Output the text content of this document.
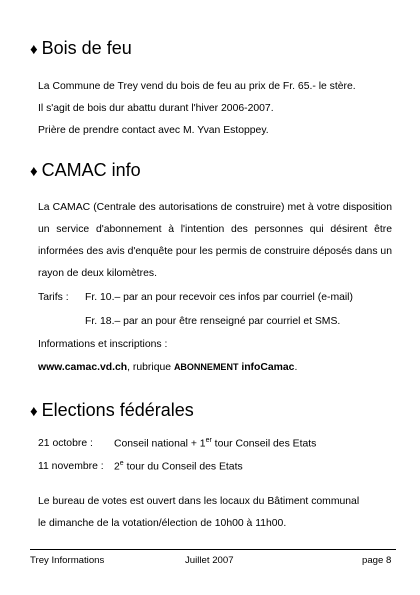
♦ Bois de feu
La Commune de Trey vend du bois de feu au prix de Fr. 65.- le stère.
Il s'agit de bois dur abattu durant l'hiver 2006-2007.
Prière de prendre contact avec M. Yvan Estoppey.
♦ CAMAC info

La CAMAC (Centrale des autorisations de construire) met à votre disposition un service d'abonnement à l'intention des personnes qui désirent être informées des avis d'enquête pour les permis de construire déposés dans un rayon de deux kilomètres.

Tarifs : Fr. 10.– par an pour recevoir ces infos par courriel (e-mail)
Fr. 18.– par an pour être renseigné par courriel et SMS.
Informations et inscriptions :
www.camac.vd.ch, rubrique ABONNEMENT infoCamac.
♦ Elections fédérales
21 octobre : Conseil national + 1er tour Conseil des Etats
11 novembre : 2e tour du Conseil des Etats
Le bureau de votes est ouvert dans les locaux du Bâtiment communal
le dimanche de la votation/élection de 10h00 à 11h00.
Trey Informations	Juillet 2007	page 8
